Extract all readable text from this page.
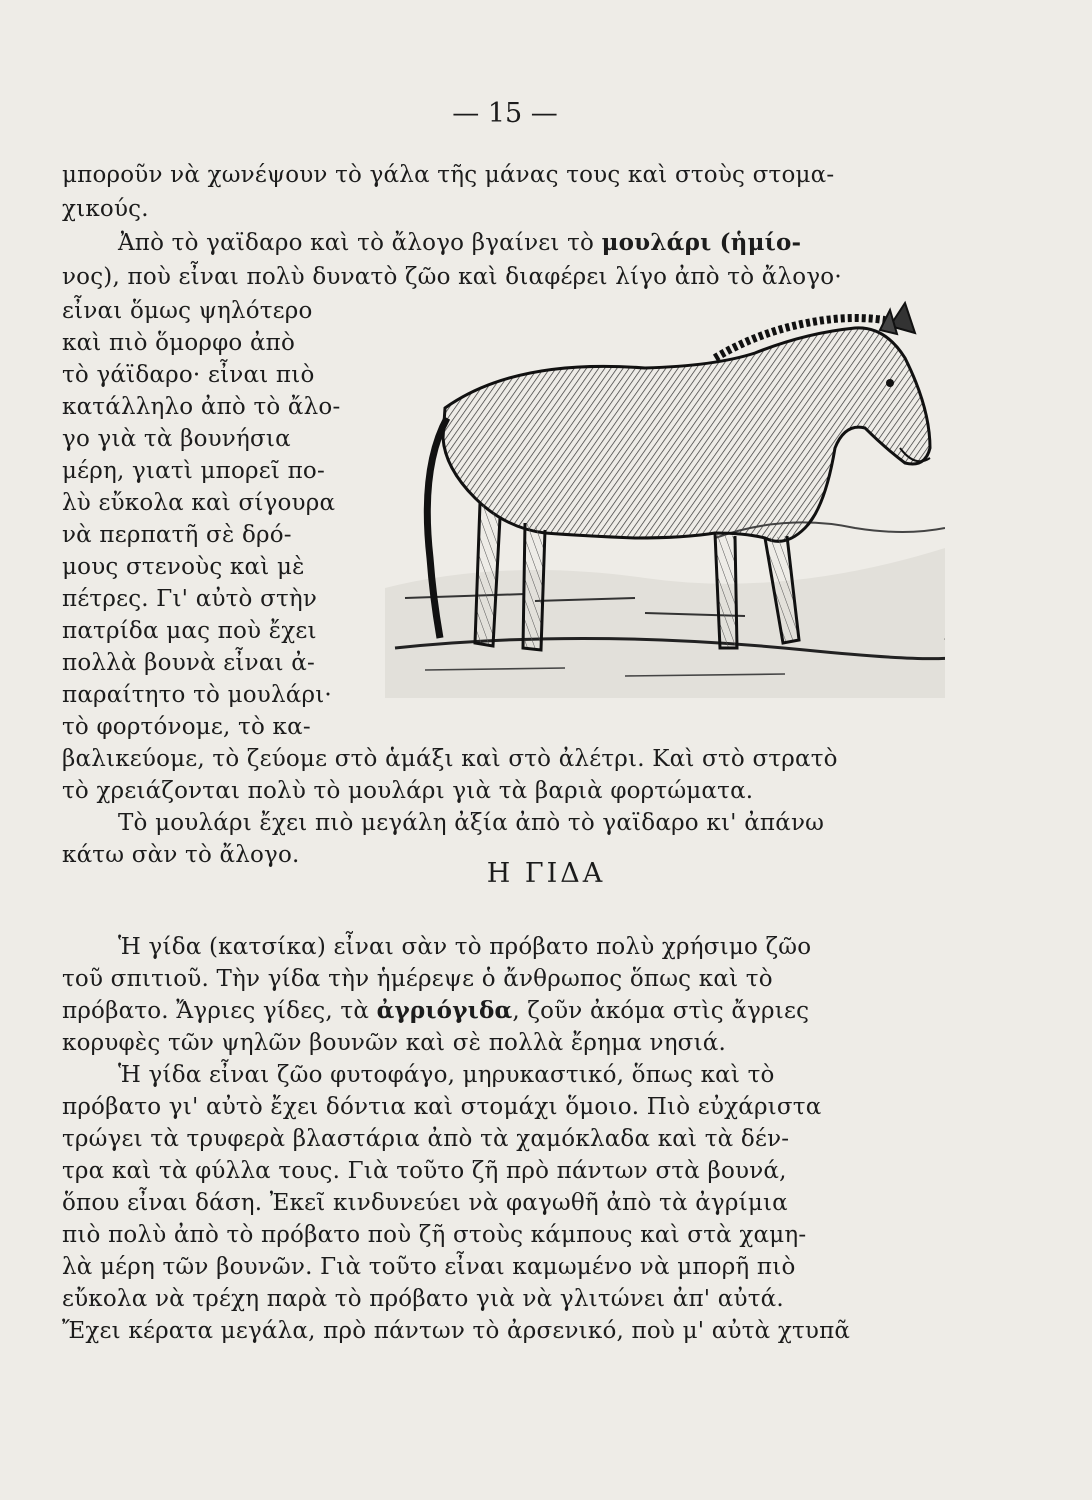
— 15 —
μποροῦν νὰ χωνέψουν τὸ γάλα τῆς μάνας τους καὶ στοὺς στομα-
χικούς.
Ἀπὸ τὸ γαϊδαρο καὶ τὸ ἄλογο βγαίνει τὸ μουλάρι (ἡμίο-
νος), ποὺ εἶναι πολὺ δυνατὸ ζῶο καὶ διαφέρει λίγο ἀπὸ τὸ ἄλογο·
εἶναι ὅμως ψηλότερο
καὶ πιὸ ὅμορφο ἀπὸ
τὸ γάϊδαρο· εἶναι πιὸ
κατάλληλο ἀπὸ τὸ ἄλο-
γο γιὰ τὰ βουνήσια
μέρη, γιατὶ μπορεῖ πο-
λὺ εὔκολα καὶ σίγουρα
νὰ περπατῆ σὲ δρό-
μους στενοὺς καὶ μὲ
πέτρες. Γι' αὐτὸ στὴν
πατρίδα μας ποὺ ἔχει
πολλὰ βουνὰ εἶναι ἀ-
παραίτητο τὸ μουλάρι·
τὸ φορτόνομε, τὸ κα-
βαλικεύομε, τὸ ζεύομε στὸ ἁμάξι καὶ στὸ ἀλέτρι. Καὶ στὸ στρατὸ
τὸ χρειάζονται πολὺ τὸ μουλάρι γιὰ τὰ βαριὰ φορτώματα.
Τὸ μουλάρι ἔχει πιὸ μεγάλη ἀξία ἀπὸ τὸ γαϊδαρο κι' ἀπάνω
κάτω σὰν τὸ ἄλογο.
Η ΓΙΔΑ
Ἡ γίδα (κατσίκα) εἶναι σὰν τὸ πρόβατο πολὺ χρήσιμο ζῶο
τοῦ σπιτιοῦ. Τὴν γίδα τὴν ἡμέρεψε ὁ ἄνθρωπος ὅπως καὶ τὸ
πρόβατο. Ἄγριες γίδες, τὰ ἀγριόγιδα, ζοῦν ἀκόμα στὶς ἄγριες
κορυφὲς τῶν ψηλῶν βουνῶν καὶ σὲ πολλὰ ἔρημα νησιά.
Ἡ γίδα εἶναι ζῶο φυτοφάγο, μηρυκαστικό, ὅπως καὶ τὸ
πρόβατο γι' αὐτὸ ἔχει δόντια καὶ στομάχι ὅμοιο. Πιὸ εὐχάριστα
τρώγει τὰ τρυφερὰ βλαστάρια ἀπὸ τὰ χαμόκλαδα καὶ τὰ δέν-
τρα καὶ τὰ φύλλα τους. Γιὰ τοῦτο ζῆ πρὸ πάντων στὰ βουνά,
ὅπου εἶναι δάση. Ἐκεῖ κινδυνεύει νὰ φαγωθῆ ἀπὸ τὰ ἀγρίμια
πιὸ πολὺ ἀπὸ τὸ πρόβατο ποὺ ζῆ στοὺς κάμπους καὶ στὰ χαμη-
λὰ μέρη τῶν βουνῶν. Γιὰ τοῦτο εἶναι καμωμένο νὰ μπορῆ πιὸ
εὔκολα νὰ τρέχη παρὰ τὸ πρόβατο γιὰ νὰ γλιτώνει ἀπ' αὐτά.
Ἔχει κέρατα μεγάλα, πρὸ πάντων τὸ ἀρσενικό, ποὺ μ' αὐτὰ χτυπᾶ
